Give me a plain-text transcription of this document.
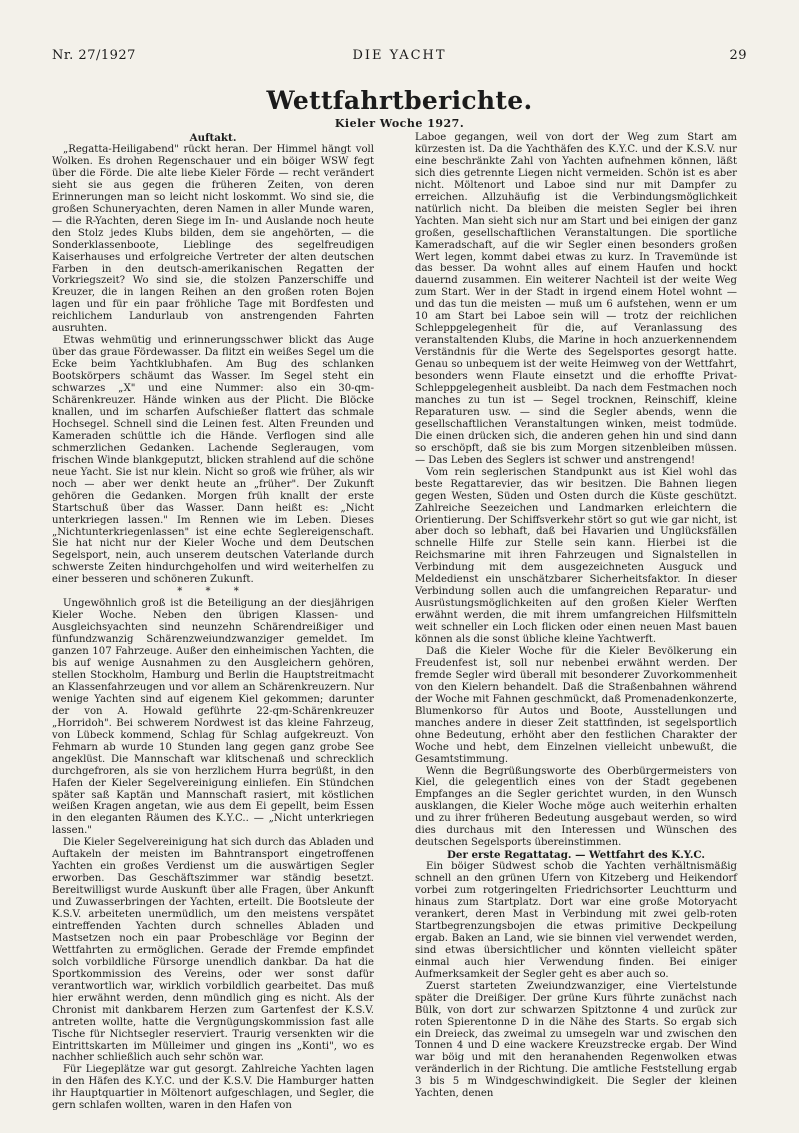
Nr. 27/1927	DIE YACHT	29
Wettfahrtberichte.
Kieler Woche 1927.
Auftakt.

„Regatta-Heiligabend" rückt heran. Der Himmel hängt voll Wolken. Es drohen Regenschauer und ein böiger WSW fegt über die Förde. Die alte liebe Kieler Förde — recht verändert sieht sie aus gegen die früheren Zeiten, von deren Erinnerungen man so leicht nicht loskommt. Wo sind sie, die großen Schuneryachten, deren Namen in aller Munde waren, — die R-Yachten, deren Siege im In- und Auslande noch heute den Stolz jedes Klubs bilden, dem sie angehörten, — die Sonderklassenboote, Lieblinge des segelfreudigen Kaiserhauses und erfolgreiche Vertreter der alten deutschen Farben in den deutsch-amerikanischen Regatten der Vorkriegszeit? Wo sind sie, die stolzen Panzerschiffe und Kreuzer, die in langen Reihen an den großen roten Bojen lagen und für ein paar fröhliche Tage mit Bordfesten und reichlichem Landurlaub von anstrengenden Fahrten ausruhten.

Etwas wehmütig und erinnerungsschwer blickt das Auge über das graue Fördewasser. Da flitzt ein weißes Segel um die Ecke beim Yachtklubhafen. Am Bug des schlanken Bootskörpers schäumt das Wasser. Im Segel steht ein schwarzes „X" und eine Nummer: also ein 30-qm-Schärenkreuzer. Hände winken aus der Plicht. Die Blöcke knallen, und im scharfen Aufschießer flattert das schmale Hochsegel. Schnell sind die Leinen fest. Alten Freunden und Kameraden schüttle ich die Hände. Verflogen sind alle schmerzlichen Gedanken. Lachende Segleraugen, vom frischen Winde blankgeputzt, blicken strahlend auf die schöne neue Yacht. Sie ist nur klein. Nicht so groß wie früher, als wir noch — aber wer denkt heute an „früher". Der Zukunft gehören die Gedanken. Morgen früh knallt der erste Startschuß über das Wasser. Dann heißt es: „Nicht unterkriegen lassen." Im Rennen wie im Leben. Dieses „Nichtunterkriegenlassen" ist eine echte Seglereigenschaft. Sie hat nicht nur der Kieler Woche und dem Deutschen Segelsport, nein, auch unserem deutschen Vaterlande durch schwerste Zeiten hindurchgeholfen und wird weiterhelfen zu einer besseren und schöneren Zukunft.

* * *

Ungewöhnlich groß ist die Beteiligung an der diesjährigen Kieler Woche. Neben den übrigen Klassen- und Ausgleichsyachten sind neunzehn Schärendreißiger und fünfundzwanzig Schärenzweiundzwanziger gemeldet. Im ganzen 107 Fahrzeuge. Außer den einheimischen Yachten, die bis auf wenige Ausnahmen zu den Ausgleichern gehören, stellen Stockholm, Hamburg und Berlin die Hauptstreitmacht an Klassenfahrzeugen und vor allem an Schärenkreuzern. Nur wenige Yachten sind auf eigenem Kiel gekommen; darunter der von A. Howald geführte 22-qm-Schärenkreuzer „Horridoh". Bei schwerem Nordwest ist das kleine Fahrzeug, von Lübeck kommend, Schlag für Schlag aufgekreuzt. Von Fehmarn ab wurde 10 Stunden lang gegen ganz grobe See angeklüst. Die Mannschaft war klitschenaß und schrecklich durchgefroren, als sie von herzlichem Hurra begrüßt, in den Hafen der Kieler Segelvereinigung einliefen. Ein Stündchen später saß Kaptän und Mannschaft rasiert, mit köstlichen weißen Kragen angetan, wie aus dem Ei gepellt, beim Essen in den eleganten Räumen des K.Y.C.. — „Nicht unterkriegen lassen."

Die Kieler Segelvereinigung hat sich durch das Abladen und Auftakeln der meisten im Bahntransport eingetroffenen Yachten ein großes Verdienst um die auswärtigen Segler erworben. Das Geschäftszimmer war ständig besetzt. Bereitwilligst wurde Auskunft über alle Fragen, über Ankunft und Zuwasserbringen der Yachten, erteilt. Die Bootsleute der K.S.V. arbeiteten unermüdlich, um den meistens verspätet eintreffenden Yachten durch schnelles Abladen und Mastsetzen noch ein paar Probeschläge vor Beginn der Wettfahrten zu ermöglichen. Gerade der Fremde empfindet solch vorbildliche Fürsorge unendlich dankbar. Da hat die Sportkommission des Vereins, oder wer sonst dafür verantwortlich war, wirklich vorbildlich gearbeitet. Das muß hier erwähnt werden, denn mündlich ging es nicht. Als der Chronist mit dankbarem Herzen zum Gartenfest der K.S.V. antreten wollte, hatte die Vergnügungskommission fast alle Tische für Nichtsegler reserviert. Traurig versenkten wir die Eintrittskarten im Mülleimer und gingen ins „Konti", wo es nachher schließlich auch sehr schön war.

Für Liegeplätze war gut gesorgt. Zahlreiche Yachten lagen in den Häfen des K.Y.C. und der K.S.V. Die Hamburger hatten ihr Hauptquartier in Möltenort aufgeschlagen, und Segler, die gern schlafen wollten, waren in den Hafen von

Laboe gegangen, weil von dort der Weg zum Start am kürzesten ist. Da die Yachthäfen des K.Y.C. und der K.S.V. nur eine beschränkte Zahl von Yachten aufnehmen können, läßt sich dies getrennte Liegen nicht vermeiden. Schön ist es aber nicht. Möltenort und Laboe sind nur mit Dampfer zu erreichen. Allzuhäufig ist die Verbindungsmöglichkeit natürlich nicht. Da bleiben die meisten Segler bei ihren Yachten. Man sieht sich nur am Start und bei einigen der ganz großen, gesellschaftlichen Veranstaltungen. Die sportliche Kameradschaft, auf die wir Segler einen besonders großen Wert legen, kommt dabei etwas zu kurz. In Travemünde ist das besser. Da wohnt alles auf einem Haufen und hockt dauernd zusammen. Ein weiterer Nachteil ist der weite Weg zum Start. Wer in der Stadt in irgend einem Hotel wohnt — und das tun die meisten — muß um 6 aufstehen, wenn er um 10 am Start bei Laboe sein will — trotz der reichlichen Schleppgelegenheit für die, auf Veranlassung des veranstaltenden Klubs, die Marine in hoch anzuerkennendem Verständnis für die Werte des Segelsportes gesorgt hatte. Genau so unbequem ist der weite Heimweg von der Wettfahrt, besonders wenn Flaute einsetzt und die erhoffte Privat-Schleppgelegenheit ausbleibt. Da nach dem Festmachen noch manches zu tun ist — Segel trocknen, Reinschiff, kleine Reparaturen usw. — sind die Segler abends, wenn die gesellschaftlichen Veranstaltungen winken, meist todmüde. Die einen drücken sich, die anderen gehen hin und sind dann so erschöpft, daß sie bis zum Morgen sitzenbleiben müssen. — Das Leben des Seglers ist schwer und anstrengend!

Vom rein seglerischen Standpunkt aus ist Kiel wohl das beste Regattarevier, das wir besitzen. Die Bahnen liegen gegen Westen, Süden und Osten durch die Küste geschützt. Zahlreiche Seezeichen und Landmarken erleichtern die Orientierung. Der Schiffsverkehr stört so gut wie gar nicht, ist aber doch so lebhaft, daß bei Havarien und Unglücksfällen schnelle Hilfe zur Stelle sein kann. Hierbei ist die Reichsmarine mit ihren Fahrzeugen und Signalstellen in Verbindung mit dem ausgezeichneten Ausguck und Meldedienst ein unschätzbarer Sicherheitsfaktor. In dieser Verbindung sollen auch die umfangreichen Reparatur- und Ausrüstungsmöglichkeiten auf den großen Kieler Werften erwähnt werden, die mit ihrem umfangreichen Hilfsmitteln weit schneller ein Loch flicken oder einen neuen Mast bauen können als die sonst übliche kleine Yachtwerft.

Daß die Kieler Woche für die Kieler Bevölkerung ein Freudenfest ist, soll nur nebenbei erwähnt werden. Der fremde Segler wird überall mit besonderer Zuvorkommenheit von den Kielern behandelt. Daß die Straßenbahnen während der Woche mit Fahnen geschmückt, daß Promenadenkonzerte, Blumenkorso für Autos und Boote, Ausstellungen und manches andere in dieser Zeit stattfinden, ist segelsportlich ohne Bedeutung, erhöht aber den festlichen Charakter der Woche und hebt, dem Einzelnen vielleicht unbewußt, die Gesamtstimmung.

Wenn die Begrüßungsworte des Oberbürgermeisters von Kiel, die gelegentlich eines von der Stadt gegebenen Empfanges an die Segler gerichtet wurden, in den Wunsch ausklangen, die Kieler Woche möge auch weiterhin erhalten und zu ihrer früheren Bedeutung ausgebaut werden, so wird dies durchaus mit den Interessen und Wünschen des deutschen Segelsports übereinstimmen.

Der erste Regattatag. — Wettfahrt des K.Y.C.

Ein böiger Südwest schob die Yachten verhältnismäßig schnell an den grünen Ufern von Kitzeberg und Heikendorf vorbei zum rotgeringelten Friedrichsorter Leuchtturm und hinaus zum Startplatz. Dort war eine große Motoryacht verankert, deren Mast in Verbindung mit zwei gelb-roten Startbegrenzungsbojen die etwas primitive Deckpeilung ergab. Baken an Land, wie sie binnen viel verwendet werden, sind etwas übersichtlicher und könnten vielleicht später einmal auch hier Verwendung finden. Bei einiger Aufmerksamkeit der Segler geht es aber auch so.

Zuerst starteten Zweiundzwanziger, eine Viertelstunde später die Dreißiger. Der grüne Kurs führte zunächst nach Bülk, von dort zur schwarzen Spitztonne 4 und zurück zur roten Spierentonne D in die Nähe des Starts. So ergab sich ein Dreieck, das zweimal zu umsegeln war und zwischen den Tonnen 4 und D eine wackere Kreuzstrecke ergab. Der Wind war böig und mit den heranahenden Regenwolken etwas veränderlich in der Richtung. Die amtliche Feststellung ergab 3 bis 5 m Windgeschwindigkeit. Die Segler der kleinen Yachten, denen
